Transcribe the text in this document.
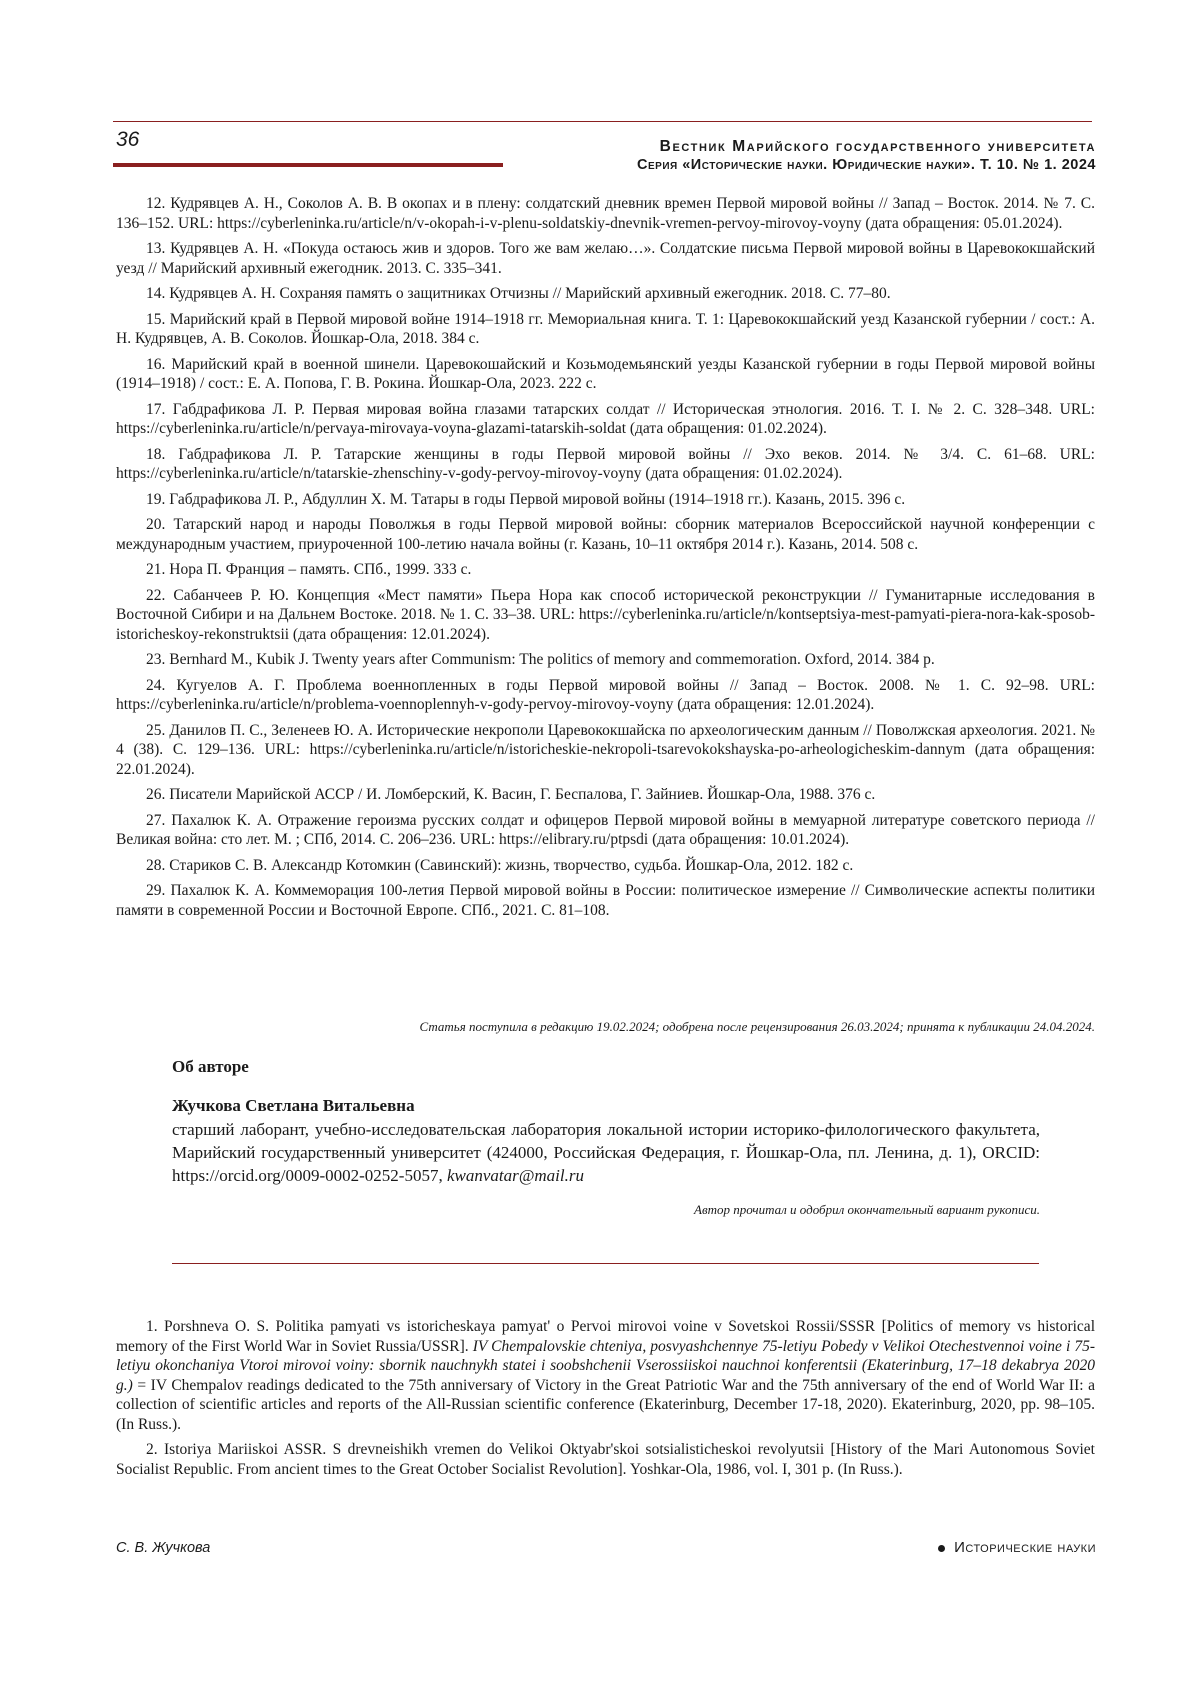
36	Вестник Марийского государственного университета
Серия «Исторические науки. Юридические науки». Т. 10. № 1. 2024

12. Кудрявцев А. Н., Соколов А. В. В окопах и в плену: солдатский дневник времен Первой мировой войны // Запад – Восток. 2014. № 7. С. 136–152. URL: https://cyberleninka.ru/article/n/v-okopah-i-v-plenu-soldatskiy-dnevnik-vremen-pervoy-mirovoy-voyny (дата обращения: 05.01.2024).

13. Кудрявцев А. Н. «Покуда остаюсь жив и здоров. Того же вам желаю…». Солдатские письма Первой мировой войны в Царевококшайский уезд // Марийский архивный ежегодник. 2013. С. 335–341.

14. Кудрявцев А. Н. Сохраняя память о защитниках Отчизны // Марийский архивный ежегодник. 2018. С. 77–80.

15. Марийский край в Первой мировой войне 1914–1918 гг. Мемориальная книга. Т. 1: Царевококшайский уезд Казанской губернии / сост.: А. Н. Кудрявцев, А. В. Соколов. Йошкар-Ола, 2018. 384 с.

16. Марийский край в военной шинели. Царевокошайский и Козьмодемьянский уезды Казанской губернии в годы Первой мировой войны (1914–1918) / сост.: Е. А. Попова, Г. В. Рокина. Йошкар-Ола, 2023. 222 с.

17. Габдрафикова Л. Р. Первая мировая война глазами татарских солдат // Историческая этнология. 2016. Т. I. № 2. С. 328–348. URL: https://cyberleninka.ru/article/n/pervaya-mirovaya-voyna-glazami-tatarskih-soldat (дата обращения: 01.02.2024).

18. Габдрафикова Л. Р. Татарские женщины в годы Первой мировой войны // Эхо веков. 2014. № 3/4. С. 61–68. URL: https://cyberleninka.ru/article/n/tatarskie-zhenschiny-v-gody-pervoy-mirovoy-voyny (дата обращения: 01.02.2024).

19. Габдрафикова Л. Р., Абдуллин Х. М. Татары в годы Первой мировой войны (1914–1918 гг.). Казань, 2015. 396 с.

20. Татарский народ и народы Поволжья в годы Первой мировой войны: сборник материалов Всероссийской научной конференции с международным участием, приуроченной 100-летию начала войны (г. Казань, 10–11 октября 2014 г.). Казань, 2014. 508 с.

21. Нора П. Франция – память. СПб., 1999. 333 с.

22. Сабанчеев Р. Ю. Концепция «Мест памяти» Пьера Нора как способ исторической реконструкции // Гуманитарные исследования в Восточной Сибири и на Дальнем Востоке. 2018. № 1. С. 33–38. URL: https://cyberleninka.ru/article/n/kontseptsiya-mest-pamyati-piera-nora-kak-sposob-istoricheskoy-rekonstruktsii (дата обращения: 12.01.2024).

23. Bernhard M., Kubik J. Twenty years after Communism: The politics of memory and commemoration. Oxford, 2014. 384 p.

24. Кугуелов А. Г. Проблема военнопленных в годы Первой мировой войны // Запад – Восток. 2008. № 1. С. 92–98. URL: https://cyberleninka.ru/article/n/problema-voennoplennyh-v-gody-pervoy-mirovoy-voyny (дата обращения: 12.01.2024).

25. Данилов П. С., Зеленеев Ю. А. Исторические некрополи Царевококшайска по археологическим данным // Поволжская археология. 2021. № 4 (38). С. 129–136. URL: https://cyberleninka.ru/article/n/istoricheskie-nekropoli-tsarevokokshayska-po-arheologicheskim-dannym (дата обращения: 22.01.2024).

26. Писатели Марийской АССР / И. Ломберский, К. Васин, Г. Беспалова, Г. Зайниев. Йошкар-Ола, 1988. 376 с.

27. Пахалюк К. А. Отражение героизма русских солдат и офицеров Первой мировой войны в мемуарной литературе советского периода // Великая война: сто лет. М. ; СПб, 2014. С. 206–236. URL: https://elibrary.ru/ptpsdi (дата обращения: 10.01.2024).

28. Стариков С. В. Александр Котомкин (Савинский): жизнь, творчество, судьба. Йошкар-Ола, 2012. 182 с.

29. Пахалюк К. А. Коммеморация 100-летия Первой мировой войны в России: политическое измерение // Символические аспекты политики памяти в современной России и Восточной Европе. СПб., 2021. С. 81–108.

Статья поступила в редакцию 19.02.2024; одобрена после рецензирования 26.03.2024; принята к публикации 24.04.2024.

Об авторе

Жучкова Светлана Витальевна

старший лаборант, учебно-исследовательская лаборатория локальной истории историко-филологического факультета, Марийский государственный университет (424000, Российская Федерация, г. Йошкар-Ола, пл. Ленина, д. 1), ORCID: https://orcid.org/0009-0002-0252-5057, kwanvatar@mail.ru

Автор прочитал и одобрил окончательный вариант рукописи.

1. Porshneva O. S. Politika pamyati vs istoricheskaya pamyat' o Pervoi mirovoi voine v Sovetskoi Rossii/SSSR [Politics of memory vs historical memory of the First World War in Soviet Russia/USSR]. IV Chempalovskie chteniya, posvyashchennye 75-letiyu Pobedy v Velikoi Otechestvennoi voine i 75-letiyu okonchaniya Vtoroi mirovoi voiny: sbornik nauchnykh statei i soobshchenii Vserossiiskoi nauchnoi konferentsii (Ekaterinburg, 17–18 dekabrya 2020 g.) = IV Chempalov readings dedicated to the 75th anniversary of Victory in the Great Patriotic War and the 75th anniversary of the end of World War II: a collection of scientific articles and reports of the All-Russian scientific conference (Ekaterinburg, December 17-18, 2020). Ekaterinburg, 2020, pp. 98–105. (In Russ.).

2. Istoriya Mariiskoi ASSR. S drevneishikh vremen do Velikoi Oktyabr'skoi sotsialisticheskoi revolyutsii [History of the Mari Autonomous Soviet Socialist Republic. From ancient times to the Great October Socialist Revolution]. Yoshkar-Ola, 1986, vol. I, 301 p. (In Russ.).

С. В. Жучкова	Исторические науки
